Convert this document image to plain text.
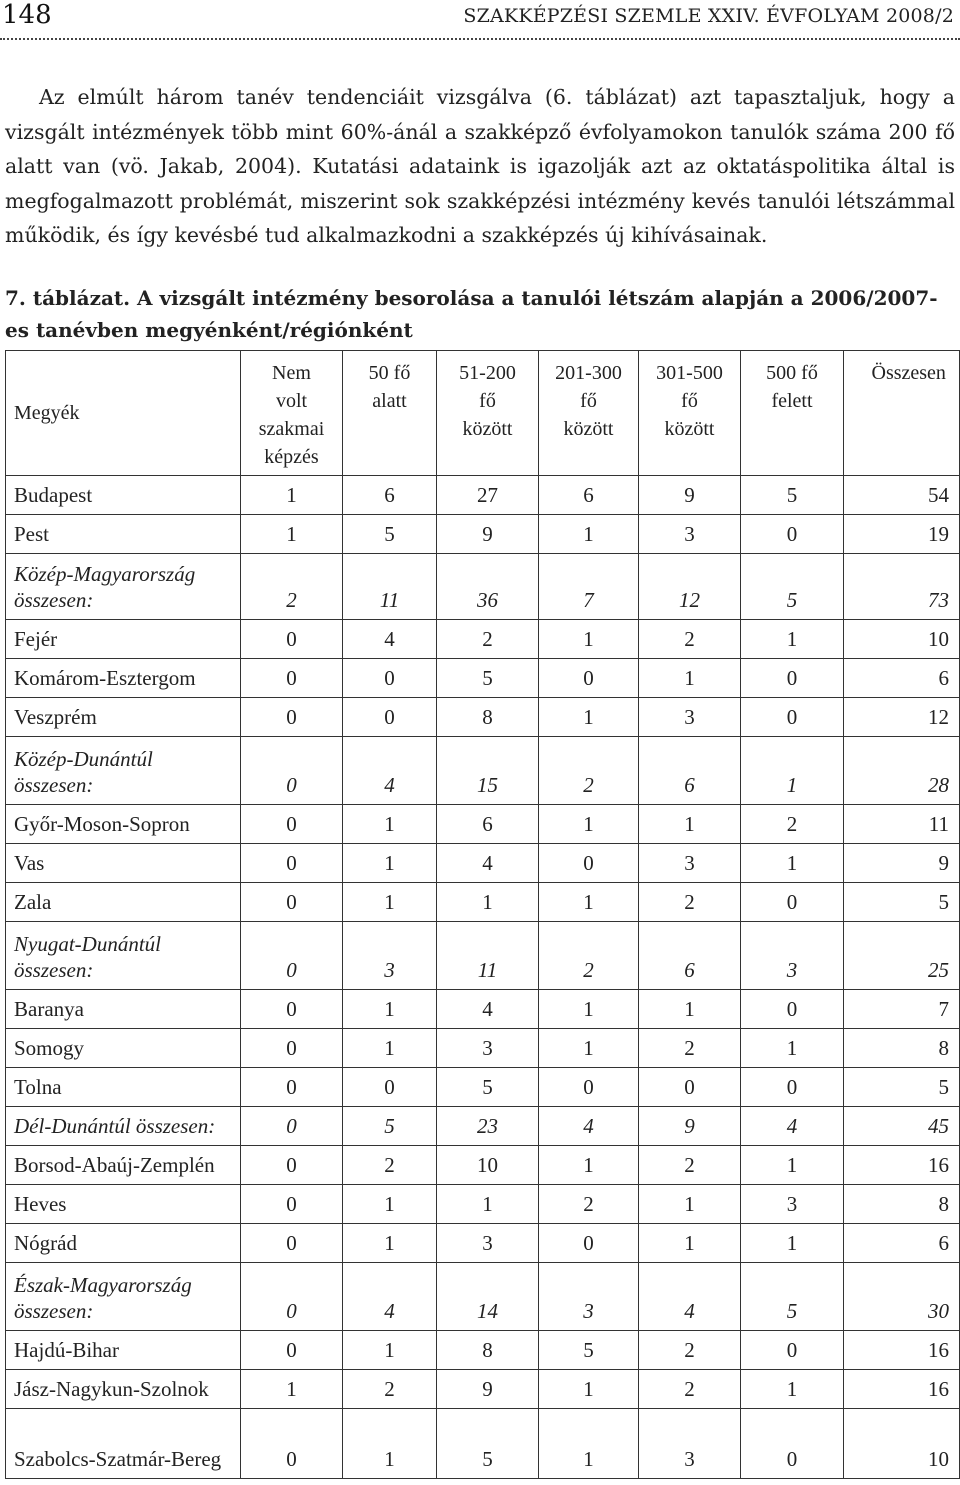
148	SZAKKÉPZÉSI SZEMLE XXIV. ÉVFOLYAM 2008/2
Az elmúlt három tanév tendenciáit vizsgálva (6. táblázat) azt tapasztaljuk, hogy a vizsgált intézmények több mint 60%-ánál a szakképző évfolyamokon tanulók száma 200 fő alatt van (vö. Jakab, 2004). Kutatási adataink is igazolják azt az oktatáspolitika által is megfogalmazott problémát, miszerint sok szakképzési intézmény kevés tanulói létszámmal működik, és így kevésbé tud alkalmazkodni a szakképzés új kihívásainak.
7. táblázat. A vizsgált intézmény besorolása a tanulói létszám alapján a 2006/2007-es tanévben megyénként/régiónként
Megyék	Nem volt szakmai képzés	50 fő alatt	51-200 fő között	201-300 fő között	301-500 fő között	500 fő felett	Összesen

Budapest	1	6	27	6	9	5	54
Pest	1	5	9	1	3	0	19
Közép-Magyarország összesen:	2	11	36	7	12	5	73
Fejér	0	4	2	1	2	1	10
Komárom-Esztergom	0	0	5	0	1	0	6
Veszprém	0	0	8	1	3	0	12
Közép-Dunántúl összesen:	0	4	15	2	6	1	28
Győr-Moson-Sopron	0	1	6	1	1	2	11
Vas	0	1	4	0	3	1	9
Zala	0	1	1	1	2	0	5
Nyugat-Dunántúl összesen:	0	3	11	2	6	3	25
Baranya	0	1	4	1	1	0	7
Somogy	0	1	3	1	2	1	8
Tolna	0	0	5	0	0	0	5
Dél-Dunántúl összesen:	0	5	23	4	9	4	45
Borsod-Abaúj-Zemplén	0	2	10	1	2	1	16
Heves	0	1	1	2	1	3	8
Nógrád	0	1	3	0	1	1	6
Észak-Magyarország összesen:	0	4	14	3	4	5	30
Hajdú-Bihar	0	1	8	5	2	0	16
Jász-Nagykun-Szolnok	1	2	9	1	2	1	16
Szabolcs-Szatmár-Bereg	0	1	5	1	3	0	10
